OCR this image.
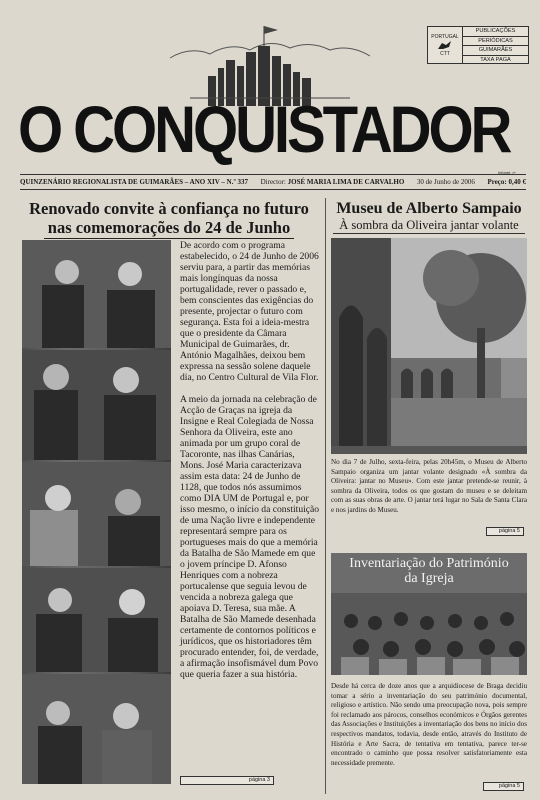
PORTUGAL
CTT
PUBLICAÇÕES
PERIÓDICAS
GUIMARÃES
TAXA PAGA
O CONQUISTADOR
Infonet. r+
QUINZENÁRIO REGIONALISTA DE GUIMARÃES – ANO XIV – N.º 337 Director: JOSÉ MARIA LIMA DE CARVALHO 30 de Junho de 2006 Preço: 0,40 €
Renovado convite à confiança no futuro
nas comemorações do 24 de Junho

De acordo com o programa estabelecido, o 24 de Junho de 2006 serviu para, a partir das memórias mais longínquas da nossa portugalidade, rever o passado e, bem conscientes das exigências do presente, projectar o futuro com segurança. Esta foi a ideia-mestra que o presidente da Câmara Municipal de Guimarães, dr. António Magalhães, deixou bem expressa na sessão solene daquele dia, no Centro Cultural de Vila Flor.

A meio da jornada na celebração de Acção de Graças na igreja da Insigne e Real Colegiada de Nossa Senhora da Oliveira, este ano animada por um grupo coral de Tacoronte, nas ilhas Canárias, Mons. José Maria caracterizava assim esta data: 24 de Junho de 1128, que todos nós assumimos como DIA UM de Portugal e, por isso mesmo, o início da constituição de uma Nação livre e independente representará sempre para os portugueses mais do que a memória da Batalha de São Mamede em que o jovem príncipe D. Afonso Henriques com a nobreza portucalense que seguia levou de vencida a nobreza galega que apoiava D. Teresa, sua mãe. A Batalha de São Mamede desenhada certamente de contornos políticos e jurídicos, que os historiadores têm procurado entender, foi, de verdade, a afirmação insofismável dum Povo que queria fazer a sua história.

página 3
Museu de Alberto Sampaio
À sombra da Oliveira jantar volante
No dia 7 de Julho, sexta-feira, pelas 20h45m, o Museu de Alberto Sampaio organiza um jantar volante designado «À sombra da Oliveira: jantar no Museu». Com este jantar pretende-se reunir, à sombra da Oliveira, todos os que gostam do museu e se deleitam com as suas obras de arte. O jantar terá lugar no Sala de Santa Clara e nos jardins do Museu.
página 5
Inventariação do Património
da Igreja
Desde há cerca de doze anos que a arquidiocese de Braga decidiu tomar a sério a inventariação do seu património documental, religioso e artístico. Não sendo uma preocupação nova, pois sempre foi reclamado aos párocos, conselhos económicos e Órgãos gerentes das Associações e Instituições a inventariação dos bens no início dos respectivos mandatos, todavia, desde então, através do Instituto de História e Arte Sacra, de tentativa em tentativa, parece ter-se encontrado o caminho que possa resolver satisfatoriamente esta necessidade premente.
página 5
